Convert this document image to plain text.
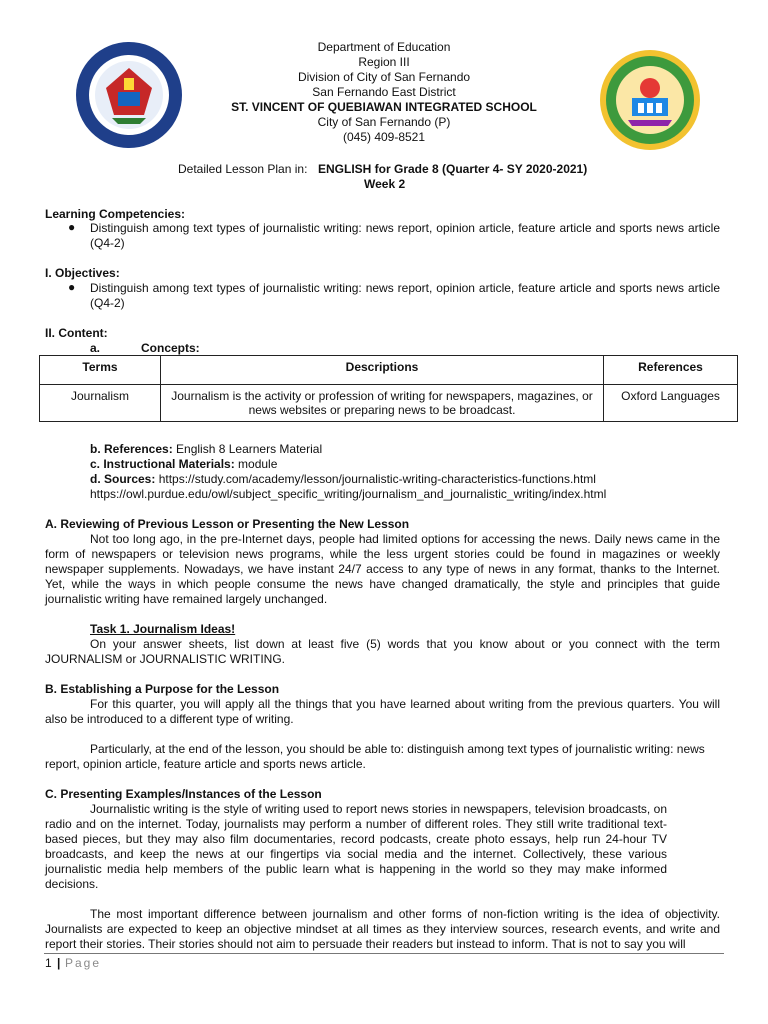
Department of Education
Region III
Division of City of San Fernando
San Fernando East District
ST. VINCENT OF QUEBIAWAN INTEGRATED SCHOOL
City of San Fernando (P)
(045) 409-8521
Detailed Lesson Plan in: ENGLISH for Grade 8 (Quarter 4- SY 2020-2021)
Week 2
Learning Competencies:
● Distinguish among text types of journalistic writing: news report, opinion article, feature article and sports news article (Q4-2)
I. Objectives:
● Distinguish among text types of journalistic writing: news report, opinion article, feature article and sports news article (Q4-2)
II. Content:
a.	Concepts:
Terms	Descriptions	References
Journalism	Journalism is the activity or profession of writing for newspapers, magazines, or news websites or preparing news to be broadcast.	Oxford Languages
b. References: English 8 Learners Material
c. Instructional Materials: module
d. Sources: https://study.com/academy/lesson/journalistic-writing-characteristics-functions.html
https://owl.purdue.edu/owl/subject_specific_writing/journalism_and_journalistic_writing/index.html
A. Reviewing of Previous Lesson or Presenting the New Lesson
Not too long ago, in the pre-Internet days, people had limited options for accessing the news. Daily news came in the form of newspapers or television news programs, while the less urgent stories could be found in magazines or weekly newspaper supplements. Nowadays, we have instant 24/7 access to any type of news in any format, thanks to the Internet. Yet, while the ways in which people consume the news have changed dramatically, the style and principles that guide journalistic writing have remained largely unchanged.
Task 1. Journalism Ideas!
On your answer sheets, list down at least five (5) words that you know about or you connect with the term JOURNALISM or JOURNALISTIC WRITING.
B. Establishing a Purpose for the Lesson
For this quarter, you will apply all the things that you have learned about writing from the previous quarters. You will also be introduced to a different type of writing.
Particularly, at the end of the lesson, you should be able to: distinguish among text types of journalistic writing: news report, opinion article, feature article and sports news article.
C. Presenting Examples/Instances of the Lesson
Journalistic writing is the style of writing used to report news stories in newspapers, television broadcasts, on radio and on the internet. Today, journalists may perform a number of different roles. They still write traditional text-based pieces, but they may also film documentaries, record podcasts, create photo essays, help run 24-hour TV broadcasts, and keep the news at our fingertips via social media and the internet. Collectively, these various journalistic media help members of the public learn what is happening in the world so they may make informed decisions.
The most important difference between journalism and other forms of non-fiction writing is the idea of objectivity. Journalists are expected to keep an objective mindset at all times as they interview sources, research events, and write and report their stories. Their stories should not aim to persuade their readers but instead to inform. That is not to say you will
1 | Page
